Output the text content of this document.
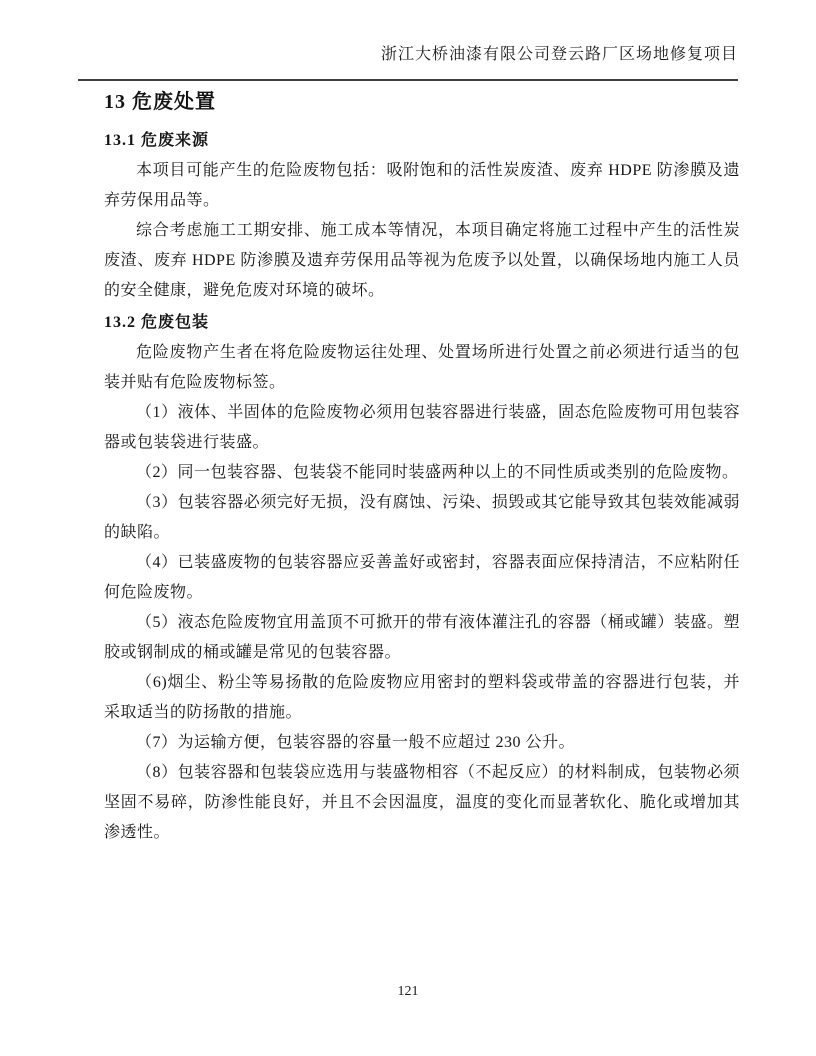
浙江大桥油漆有限公司登云路厂区场地修复项目
13 危废处置
13.1 危废来源

本项目可能产生的危险废物包括：吸附饱和的活性炭废渣、废弃 HDPE 防渗膜及遗弃劳保用品等。

综合考虑施工工期安排、施工成本等情况，本项目确定将施工过程中产生的活性炭废渣、废弃 HDPE 防渗膜及遗弃劳保用品等视为危废予以处置，以确保场地内施工人员的安全健康，避免危废对环境的破坏。

13.2 危废包装

危险废物产生者在将危险废物运往处理、处置场所进行处置之前必须进行适当的包装并贴有危险废物标签。

（1）液体、半固体的危险废物必须用包装容器进行装盛，固态危险废物可用包装容器或包装袋进行装盛。

（2）同一包装容器、包装袋不能同时装盛两种以上的不同性质或类别的危险废物。

（3）包装容器必须完好无损，没有腐蚀、污染、损毁或其它能导致其包装效能减弱的缺陷。

（4）已装盛废物的包装容器应妥善盖好或密封，容器表面应保持清洁，不应粘附任何危险废物。

（5）液态危险废物宜用盖顶不可掀开的带有液体灌注孔的容器（桶或罐）装盛。塑胶或钢制成的桶或罐是常见的包装容器。

（6)烟尘、粉尘等易扬散的危险废物应用密封的塑料袋或带盖的容器进行包装，并采取适当的防扬散的措施。

（7）为运输方便，包装容器的容量一般不应超过 230 公升。

（8）包装容器和包装袋应选用与装盛物相容（不起反应）的材料制成，包装物必须坚固不易碎，防渗性能良好，并且不会因温度，温度的变化而显著软化、脆化或增加其渗透性。

121
